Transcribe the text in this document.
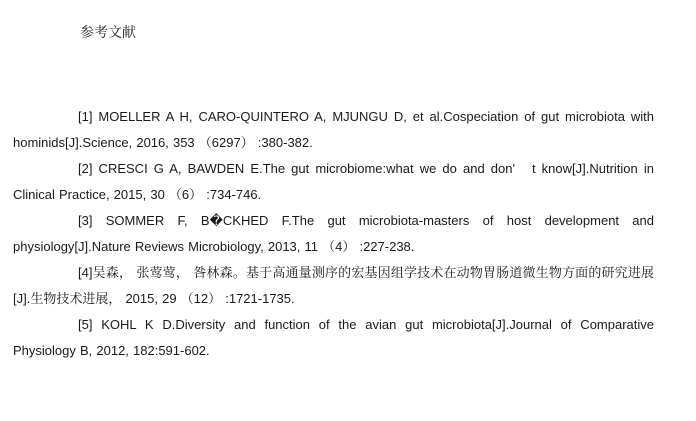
参考文献

[1] MOELLER A H, CARO-QUINTERO A, MJUNGU D, et al.Cospeciation of gut microbiota with hominids[J].Science, 2016, 353 （6297） :380-382.

[2] CRESCI G A, BAWDEN E.The gut microbiome:what we do and don'　t know[J].Nutrition in Clinical Practice, 2015, 30 （6） :734-746.

[3] SOMMER F, B�CKHED F.The gut microbiota-masters of host development and physiology[J].Nature Reviews Microbiology, 2013, 11 （4） :227-238.

[4]吴森， 张莺莺， 咎林森。基于高通量测序的宏基因组学技术在动物胃肠道微生物方面的研究进展[J].生物技术进展， 2015, 29 （12） :1721-1735.

[5] KOHL K D.Diversity and function of the avian gut microbiota[J].Journal of Comparative Physiology B, 2012, 182:591-602.
